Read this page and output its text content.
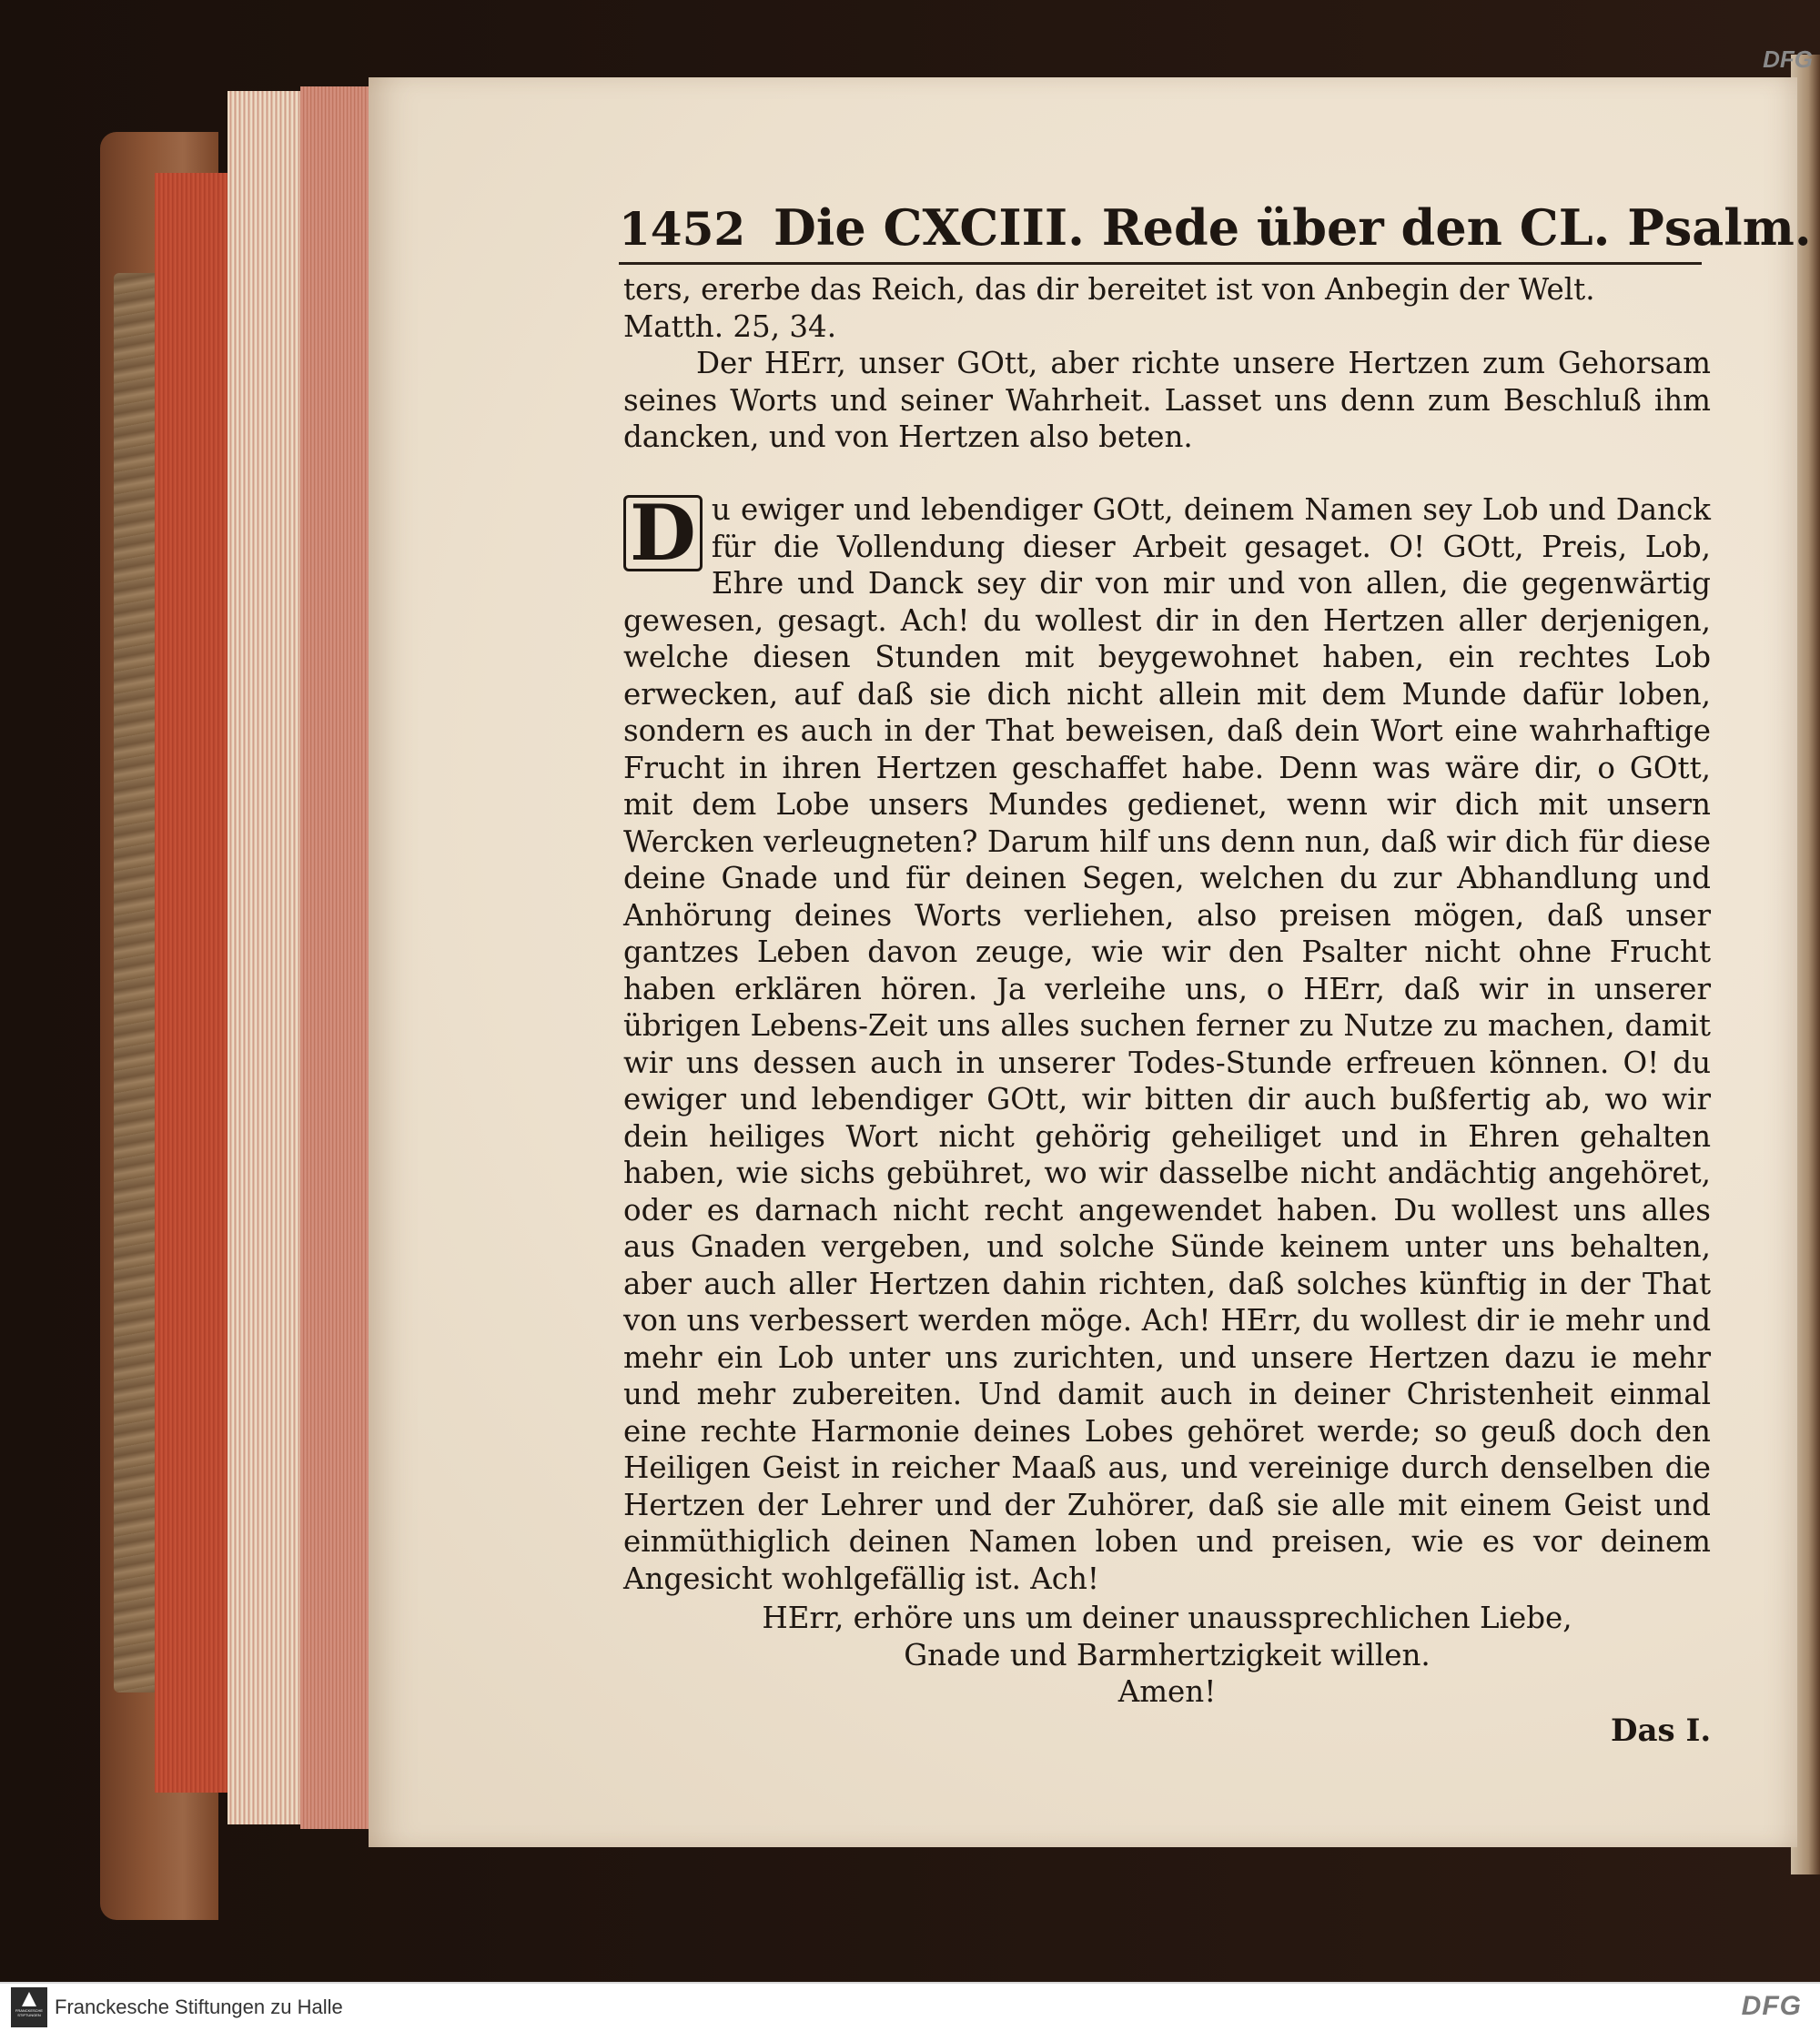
DFG
1452 Die CXCIII. Rede über den CL. Psalm.

ters, ererbe das Reich, das dir bereitet ist von Anbegin der Welt.

Matth. 25, 34.

Der HErr, unser GOtt, aber richte unsere Hertzen zum Gehorsam seines Worts und seiner Wahrheit. Lasset uns denn zum Beschluß ihm dancken, und von Hertzen also beten.

D u ewiger und lebendiger GOtt, deinem Namen sey Lob und Danck für die Vollendung dieser Arbeit gesaget. O! GOtt, Preis, Lob, Ehre und Danck sey dir von mir und von allen, die gegenwärtig gewesen, gesagt. Ach! du wollest dir in den Hertzen aller derjenigen, welche diesen Stunden mit beygewohnet haben, ein rechtes Lob erwecken, auf daß sie dich nicht allein mit dem Munde dafür loben, sondern es auch in der That beweisen, daß dein Wort eine wahrhaftige Frucht in ihren Hertzen geschaffet habe. Denn was wäre dir, o GOtt, mit dem Lobe unsers Mundes gedienet, wenn wir dich mit unsern Wercken verleugneten? Darum hilf uns denn nun, daß wir dich für diese deine Gnade und für deinen Segen, welchen du zur Abhandlung und Anhörung deines Worts verliehen, also preisen mögen, daß unser gantzes Leben davon zeuge, wie wir den Psalter nicht ohne Frucht haben erklären hören. Ja verleihe uns, o HErr, daß wir in unserer übrigen Lebens-Zeit uns alles suchen ferner zu Nutze zu machen, damit wir uns dessen auch in unserer Todes-Stunde erfreuen können. O! du ewiger und lebendiger GOtt, wir bitten dir auch bußfertig ab, wo wir dein heiliges Wort nicht gehörig geheiliget und in Ehren gehalten haben, wie sichs gebühret, wo wir dasselbe nicht andächtig angehöret, oder es darnach nicht recht angewendet haben. Du wollest uns alles aus Gnaden vergeben, und solche Sünde keinem unter uns behalten, aber auch aller Hertzen dahin richten, daß solches künftig in der That von uns verbessert werden möge. Ach! HErr, du wollest dir ie mehr und mehr ein Lob unter uns zurichten, und unsere Hertzen dazu ie mehr und mehr zubereiten. Und damit auch in deiner Christenheit einmal eine rechte Harmonie deines Lobes gehöret werde; so geuß doch den Heiligen Geist in reicher Maaß aus, und vereinige durch denselben die Hertzen der Lehrer und der Zuhörer, daß sie alle mit einem Geist und einmüthiglich deinen Namen loben und preisen, wie es vor deinem Angesicht wohlgefällig ist. Ach!
HErr, erhöre uns um deiner unaussprechlichen Liebe,
Gnade und Barmhertzigkeit willen.
Amen!
Das I.
FRANCKESCHE STIFTUNGEN Franckesche Stiftungen zu Halle	DFG
